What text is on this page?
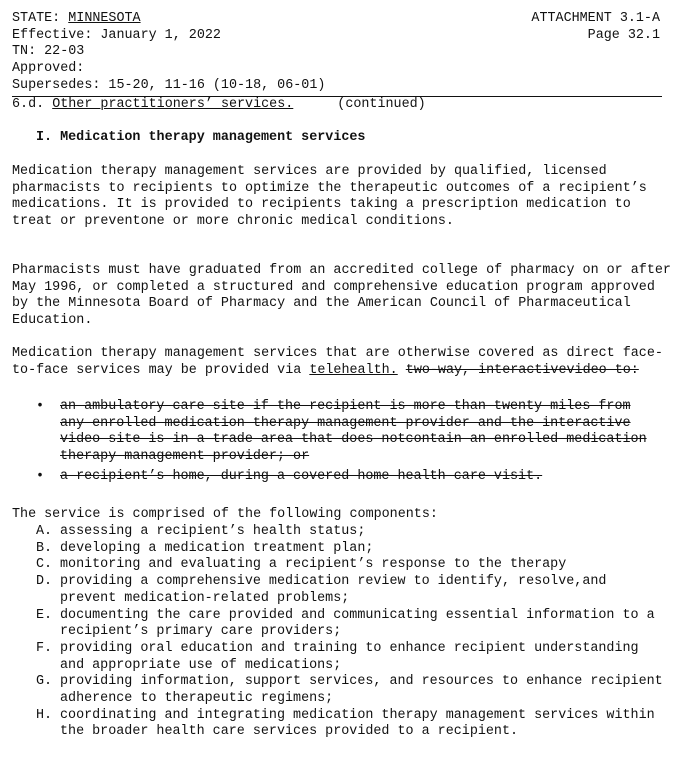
STATE: MINNESOTA
Effective: January 1, 2022
TN: 22-03
Approved:
Supersedes: 15-20, 11-16 (10-18, 06-01)
ATTACHMENT 3.1-A
Page 32.1
6.d. Other practitioners’ services.	(continued)
I. Medication therapy management services
Medication therapy management services are provided by qualified, licensed pharmacists to recipients to optimize the therapeutic outcomes of a recipient’s medications. It is provided to recipients taking a prescription medication to treat or preventone or more chronic medical conditions.
Pharmacists must have graduated from an accredited college of pharmacy on or after May 1996, or completed a structured and comprehensive education program approved by the Minnesota Board of Pharmacy and the American Council of Pharmaceutical Education.
Medication therapy management services that are otherwise covered as direct face-to-face services may be provided via telehealth. two-way, interactivevideo to:
• an ambulatory care site if the recipient is more than twenty miles from any enrolled medication therapy management provider and the interactive video site is in a trade area that does notcontain an enrolled medication therapy management provider; or
• a recipient’s home, during a covered home health care visit.
The service is comprised of the following components:
A. assessing a recipient’s health status;
B. developing a medication treatment plan;
C. monitoring and evaluating a recipient’s response to the therapy
D. providing a comprehensive medication review to identify, resolve,and prevent medication-related problems;
E. documenting the care provided and communicating essential information to a recipient’s primary care providers;
F. providing oral education and training to enhance recipient understanding and appropriate use of medications;
G. providing information, support services, and resources to enhance recipient adherence to therapeutic regimens;
H. coordinating and integrating medication therapy management services within the broader health care services provided to a recipient.
